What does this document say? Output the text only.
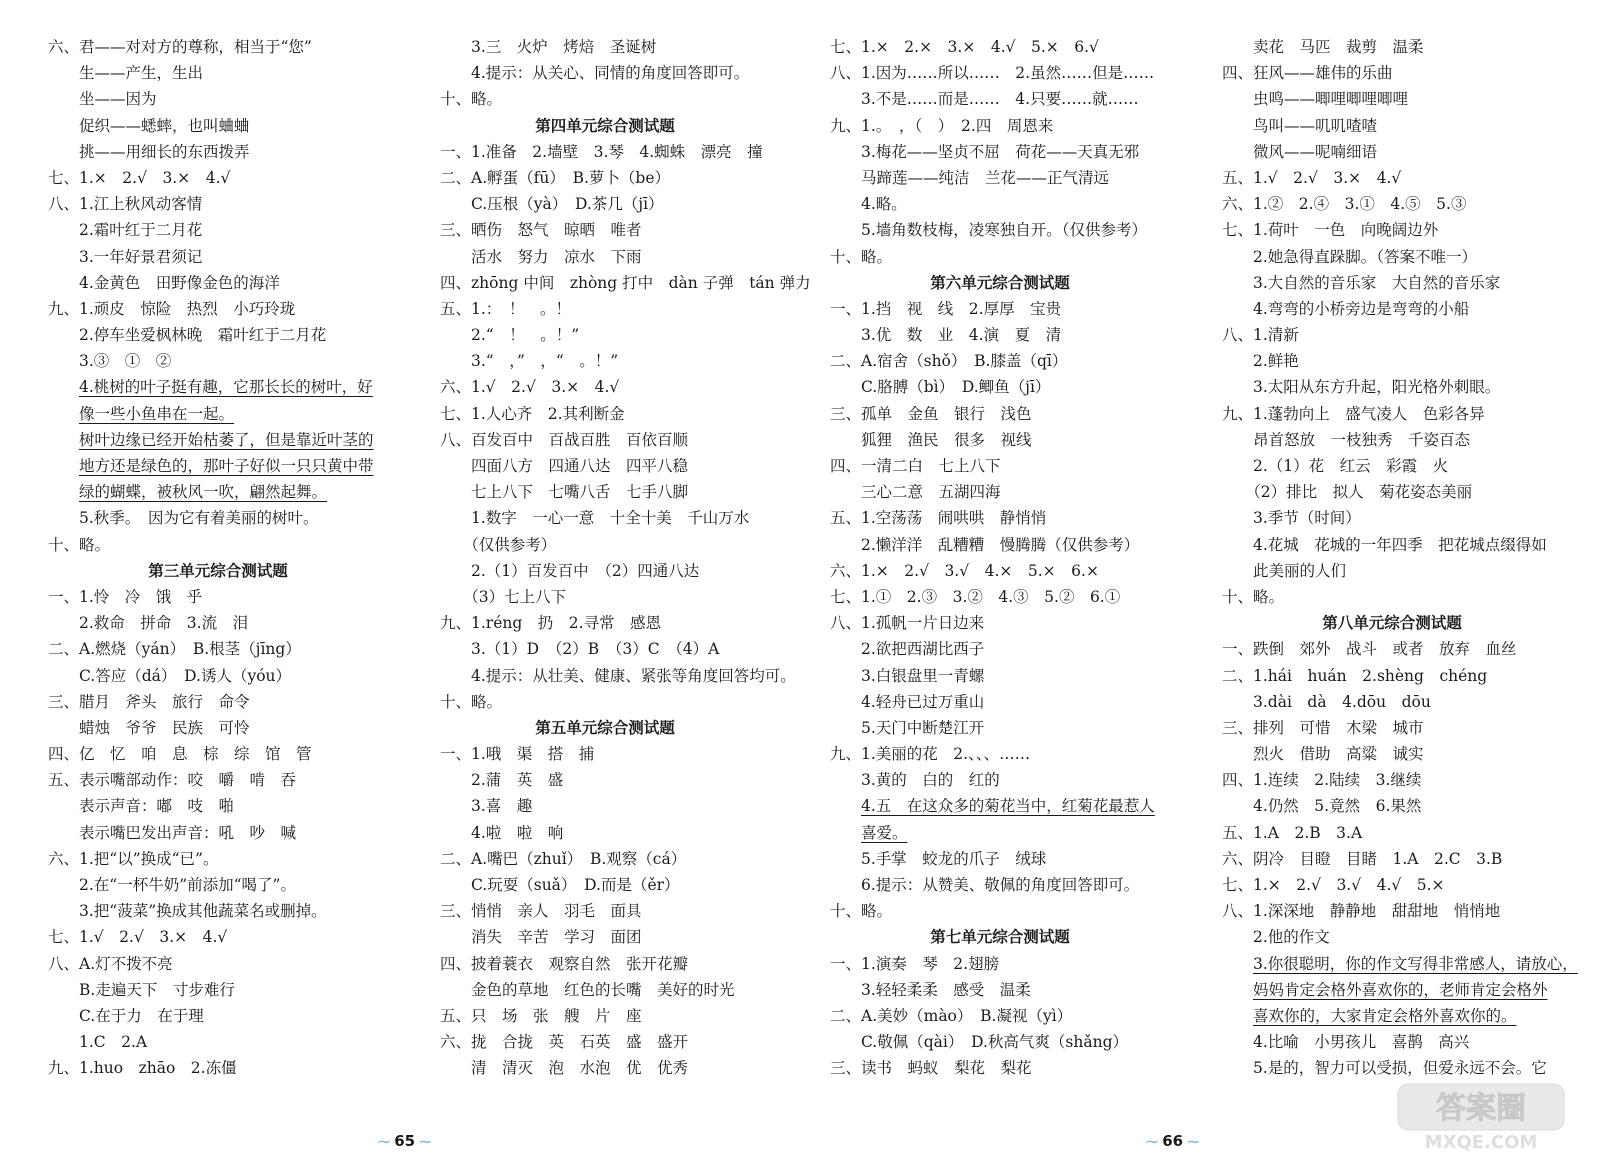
六、君——对对方的尊称，相当于“您”
　　生——产生，生出
　　坐——因为
　　促织——蟋蟀，也叫蛐蛐
　　挑——用细长的东西拨弄
七、1.×　2.√　3.×　4.√
八、1.江上秋风动客情
　　2.霜叶红于二月花
　　3.一年好景君须记
　　4.金黄色　田野像金色的海洋
九、1.顽皮　惊险　热烈　小巧玲珑
　　2.停车坐爱枫林晚　霜叶红于二月花
　　3.③　①　②
　　4.桃树的叶子挺有趣，它那长长的树叶，好
　　像一些小鱼串在一起。
　　树叶边缘已经开始枯萎了，但是靠近叶茎的
　　地方还是绿色的，那叶子好似一只只黄中带
　　绿的蝴蝶，被秋风一吹，翩然起舞。
　　5.秋季。　因为它有着美丽的树叶。
十、略。
第三单元综合测试题
一、1.怜　冷　饿　乎
　　2.救命　拼命　3.流　泪
二、A.燃烧（yán）　B.根茎（jīng）
　　C.答应（dá）　D.诱人（yóu）
三、腊月　斧头　旅行　命令
　　蜡烛　爷爷　民族　可怜
四、亿　忆　咱　息　棕　综　馆　管
五、表示嘴部动作：咬　嚼　啃　吞
　　表示声音：嘟　吱　啪
　　表示嘴巴发出声音：吼　吵　喊
六、1.把“以”换成“已”。
　　2.在“一杯牛奶”前添加“喝了”。
　　3.把“菠菜”换成其他蔬菜名或删掉。
七、1.√　2.√　3.×　4.√
八、A.灯不拨不亮
　　B.走遍天下　寸步难行
　　C.在于力　在于理
　　1.C　2.A
九、1.huo　zhāo　2.冻僵
　　3.三　火炉　烤焙　圣诞树
　　4.提示：从关心、同情的角度回答即可。
十、略。
第四单元综合测试题
一、1.准备　2.墙壁　3.琴　4.蜘蛛　漂亮　撞
二、A.孵蛋（fū）　B.萝卜（be）
　　C.压根（yà）　D.茶几（jī）
三、晒伤　怒气　晾晒　唯者
　　活水　努力　凉水　下雨
四、zhōng 中间　zhòng 打中　dàn 子弹　tán 弹力
五、1.：　！　。！
　　2.“　！　。！”
　　3.“　，”　，“　。！”
六、1.√　2.√　3.×　4.√
七、1.人心齐　2.其利断金
八、百发百中　百战百胜　百依百顺
　　四面八方　四通八达　四平八稳
　　七上八下　七嘴八舌　七手八脚
　　1.数字　一心一意　十全十美　千山万水
　　（仅供参考）
　　2.（1）百发百中　（2）四通八达
　　（3）七上八下
九、1.réng　扔　2.寻常　感恩
　　3.（1）D　（2）B　（3）C　（4）A
　　4.提示：从壮美、健康、紧张等角度回答均可。
十、略。
第五单元综合测试题
一、1.哦　渠　搭　捕
　　2.蒲　英　盛
　　3.喜　趣
　　4.啦　啦　响
二、A.嘴巴（zhuǐ）　B.观察（cá）
　　C.玩耍（suǎ）　D.而是（ěr）
三、悄悄　亲人　羽毛　面具
　　消失　辛苦　学习　面团
四、披着蓑衣　观察自然　张开花瓣
　　金色的草地　红色的长嘴　美好的时光
五、只　场　张　艘　片　座
六、拢　合拢　英　石英　盛　盛开
　　清　清灭　泡　水泡　优　优秀
七、1.×　2.×　3.×　4.√　5.×　6.√
八、1.因为……所以……　2.虽然……但是……
　　3.不是……而是……　4.只要……就……
九、1.。　，（　）　2.四　周恩来
　　3.梅花——坚贞不屈　荷花——天真无邪
　　马蹄莲——纯洁　兰花——正气清远
　　4.略。
　　5.墙角数枝梅，凌寒独自开。（仅供参考）
十、略。
第六单元综合测试题
一、1.挡　视　线　2.厚厚　宝贵
　　3.优　数　业　4.演　夏　清
二、A.宿舍（shǒ）　B.膝盖（qī）
　　C.胳膊（bì）　D.鲫鱼（jī）
三、孤单　金鱼　银行　浅色
　　狐狸　渔民　很多　视线
四、一清二白　七上八下
　　三心二意　五湖四海
五、1.空荡荡　闹哄哄　静悄悄
　　2.懒洋洋　乱糟糟　慢腾腾（仅供参考）
六、1.×　2.√　3.√　4.×　5.×　6.×
七、1.①　2.③　3.②　4.③　5.②　6.①
八、1.孤帆一片日边来
　　2.欲把西湖比西子
　　3.白银盘里一青螺
　　4.轻舟已过万重山
　　5.天门中断楚江开
九、1.美丽的花　2.、、、……
　　3.黄的　白的　红的
　　4.五　在这众多的菊花当中，红菊花最惹人
　　喜爱。
　　5.手掌　蛟龙的爪子　绒球
　　6.提示：从赞美、敬佩的角度回答即可。
十、略。
第七单元综合测试题
一、1.演奏　琴　2.翅膀
　　3.轻轻柔柔　感受　温柔
二、A.美妙（mào）　B.凝视（yì）
　　C.敬佩（qài）　D.秋高气爽（shǎng）
三、读书　蚂蚁　梨花　梨花
　　卖花　马匹　裁剪　温柔
四、狂风——雄伟的乐曲
　　虫鸣——唧哩唧哩唧哩
　　鸟叫——叽叽喳喳
　　微风——呢喃细语
五、1.√　2.√　3.×　4.√
六、1.②　2.④　3.①　4.⑤　5.③
七、1.荷叶　一色　向晚阔边外
　　2.她急得直跺脚。（答案不唯一）
　　3.大自然的音乐家　大自然的音乐家
　　4.弯弯的小桥旁边是弯弯的小船
八、1.清新
　　2.鲜艳
　　3.太阳从东方升起，阳光格外刺眼。
九、1.蓬勃向上　盛气凌人　色彩各异
　　昂首怒放　一枝独秀　千姿百态
　　2.（1）花　红云　彩霞　火
　　（2）排比　拟人　菊花姿态美丽
　　3.季节（时间）
　　4.花城　花城的一年四季　把花城点缀得如
　　此美丽的人们
十、略。
第八单元综合测试题
一、跌倒　郊外　战斗　或者　放弃　血丝
二、1.hái　huán　2.shèng　chéng
　　3.dài　dà　4.dōu　dōu
三、排列　可惜　木梁　城市
　　烈火　借助　高粱　诚实
四、1.连续　2.陆续　3.继续
　　4.仍然　5.竟然　6.果然
五、1.A　2.B　3.A
六、阴冷　目瞪　目睹　1.A　2.C　3.B
七、1.×　2.√　3.√　4.√　5.×
八、1.深深地　静静地　甜甜地　悄悄地
　　2.他的作文
　　3.你很聪明，你的作文写得非常感人，请放心，
　　妈妈肯定会格外喜欢你的，老师肯定会格外
　　喜欢你的，大家肯定会格外喜欢你的。
　　4.比喻　小男孩儿　喜鹊　高兴
　　5.是的，智力可以受损，但爱永远不会。它
⁓ 65 ⁓	⁓ 66 ⁓
答案圈
MXQE.COM
